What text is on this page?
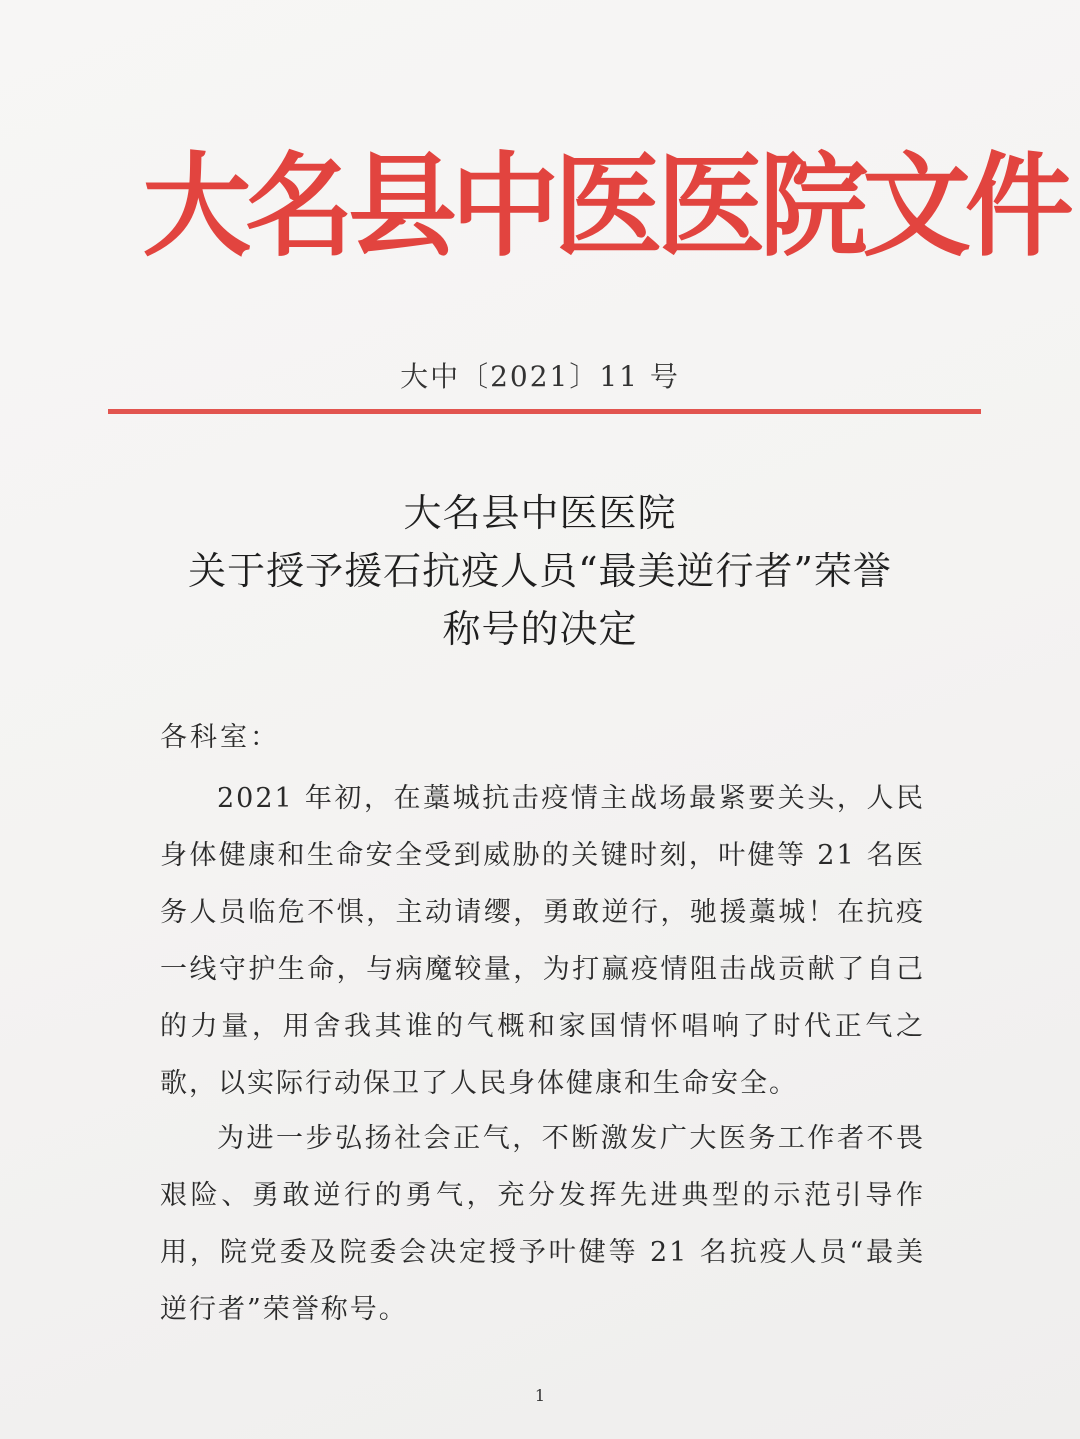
大名县中医医院文件
大中〔2021〕11 号
大名县中医医院
关于授予援石抗疫人员“最美逆行者”荣誉
称号的决定
各科室：
2021 年初，在藁城抗击疫情主战场最紧要关头，人民身体健康和生命安全受到威胁的关键时刻，叶健等 21 名医务人员临危不惧，主动请缨，勇敢逆行，驰援藁城！在抗疫一线守护生命，与病魔较量，为打赢疫情阻击战贡献了自己的力量，用舍我其谁的气概和家国情怀唱响了时代正气之歌，以实际行动保卫了人民身体健康和生命安全。
为进一步弘扬社会正气，不断激发广大医务工作者不畏艰险、勇敢逆行的勇气，充分发挥先进典型的示范引导作用，院党委及院委会决定授予叶健等 21 名抗疫人员“最美逆行者”荣誉称号。
1
